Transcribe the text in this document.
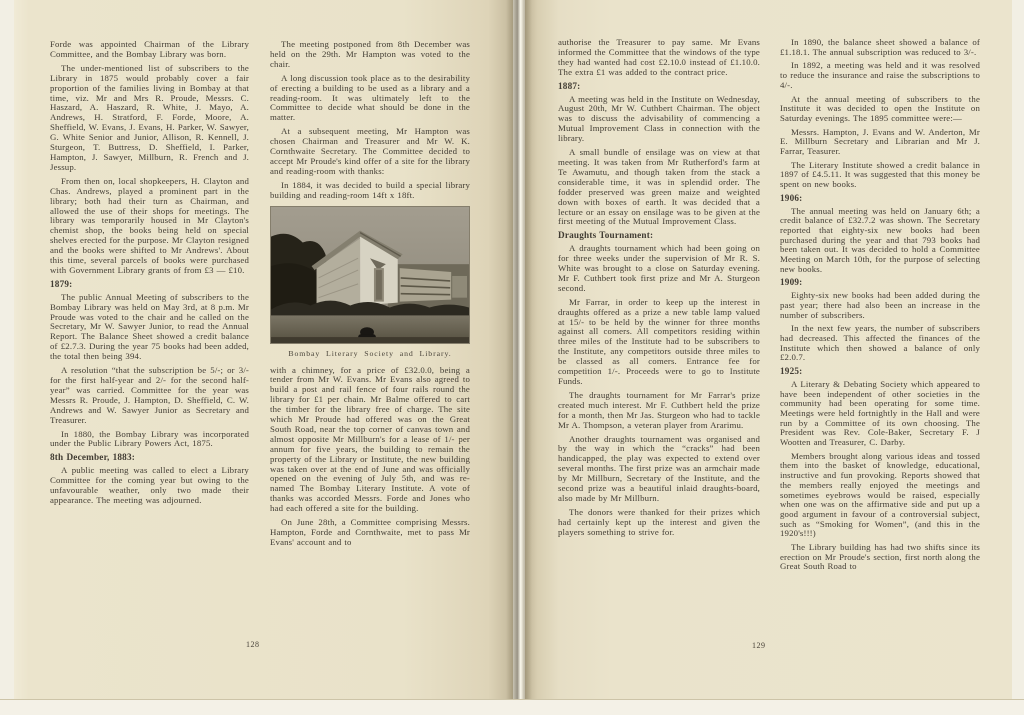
Forde was appointed Chairman of the Library Committee, and the Bombay Library was born.

The under-mentioned list of subscribers to the Library in 1875 would probably cover a fair proportion of the families living in Bombay at that time, viz. Mr and Mrs R. Proude, Messrs. C. Haszard, A. Haszard, R. White, J. Mayo, A. Andrews, H. Stratford, F. Forde, Moore, A. Sheffield, W. Evans, J. Evans, H. Parker, W. Sawyer, G. White Senior and Junior, Allison, R. Kennell, J. Sturgeon, T. Buttress, D. Sheffield, I. Parker, Hampton, J. Sawyer, Millburn, R. French and J. Jessup.

From then on, local shopkeepers, H. Clayton and Chas. Andrews, played a prominent part in the library; both had their turn as Chairman, and allowed the use of their shops for meetings. The library was temporarily housed in Mr Clayton's chemist shop, the books being held on special shelves erected for the purpose. Mr Clayton resigned and the books were shifted to Mr Andrews'. About this time, several parcels of books were purchased with Government Library grants of from £3 — £10.

1879:

The public Annual Meeting of subscribers to the Bombay Library was held on May 3rd, at 8 p.m. Mr Proude was voted to the chair and he called on the Secretary, Mr W. Sawyer Junior, to read the Annual Report. The Balance Sheet showed a credit balance of £2.7.3. During the year 75 books had been added, the total then being 394.

A resolution “that the subscription be 5/-; or 3/- for the first half-year and 2/- for the second half-year” was carried. Committee for the year was Messrs R. Proude, J. Hampton, D. Sheffield, C. W. Andrews and W. Sawyer Junior as Secretary and Treasurer.

In 1880, the Bombay Library was incorporated under the Public Library Powers Act, 1875.

8th December, 1883:

A public meeting was called to elect a Library Committee for the coming year but owing to the unfavourable weather, only two made their appearance. The meeting was adjourned.

The meeting postponed from 8th December was held on the 29th. Mr Hampton was voted to the chair.

A long discussion took place as to the desirability of erecting a building to be used as a library and a reading-room. It was ultimately left to the Committee to decide what should be done in the matter.

At a subsequent meeting, Mr Hampton was chosen Chairman and Treasurer and Mr W. K. Cornthwaite Secretary. The Committee decided to accept Mr Proude's kind offer of a site for the library and reading-room with thanks:

In 1884, it was decided to build a special library building and reading-room 14ft x 18ft.

Bombay Literary Society and Library.

with a chimney, for a price of £32.0.0, being a tender from Mr W. Evans. Mr Evans also agreed to build a post and rail fence of four rails round the library for £1 per chain. Mr Balme offered to cart the timber for the library free of charge. The site which Mr Proude had offered was on the Great South Road, near the top corner of canvas town and almost opposite Mr Millburn's for a lease of 1/- per annum for five years, the building to remain the property of the Library or Institute, the new building was taken over at the end of June and was officially opened on the evening of July 5th, and was re-named The Bombay Literary Institute. A vote of thanks was accorded Messrs. Forde and Jones who had each offered a site for the building.

On June 28th, a Committee comprising Messrs. Hampton, Forde and Cornthwaite, met to pass Mr Evans' account and to

authorise the Treasurer to pay same. Mr Evans informed the Committee that the windows of the type they had wanted had cost £2.10.0 instead of £1.10.0. The extra £1 was added to the contract price.

1887:

A meeting was held in the Institute on Wednesday, August 20th, Mr W. Cuthbert Chairman. The object was to discuss the advisability of commencing a Mutual Improvement Class in connection with the library.

A small bundle of ensilage was on view at that meeting. It was taken from Mr Rutherford's farm at Te Awamutu, and though taken from the stack a considerable time, it was in splendid order. The fodder preserved was green maize and weighted down with boxes of earth. It was decided that a lecture or an essay on ensilage was to be given at the first meeting of the Mutual Improvement Class.

Draughts Tournament:

A draughts tournament which had been going on for three weeks under the supervision of Mr R. S. White was brought to a close on Saturday evening. Mr F. Cuthbert took first prize and Mr A. Sturgeon second.

Mr Farrar, in order to keep up the interest in draughts offered as a prize a new table lamp valued at 15/- to be held by the winner for three months against all comers. All competitors residing within three miles of the Institute had to be subscribers to the Institute, any competitors outside three miles to be classed as all comers. Entrance fee for competition 1/-. Proceeds were to go to Institute Funds.

The draughts tournament for Mr Farrar's prize created much interest. Mr F. Cuthbert held the prize for a month, then Mr Jas. Sturgeon who had to tackle Mr A. Thompson, a veteran player from Ararimu.

Another draughts tournament was organised and by the way in which the “cracks” had been handicapped, the play was expected to extend over several months. The first prize was an armchair made by Mr Millburn, Secretary of the Institute, and the second prize was a beautiful inlaid draughts-board, also made by Mr Millburn.

The donors were thanked for their prizes which had certainly kept up the interest and given the players something to strive for.

In 1890, the balance sheet showed a balance of £1.18.1. The annual subscription was reduced to 3/-.

In 1892, a meeting was held and it was resolved to reduce the insurance and raise the subscriptions to 4/-.

At the annual meeting of subscribers to the Institute it was decided to open the Institute on Saturday evenings. The 1895 committee were:—

Messrs. Hampton, J. Evans and W. Anderton, Mr E. Millburn Secretary and Librarian and Mr J. Farrar, Teasurer.

The Literary Institute showed a credit balance in 1897 of £4.5.11. It was suggested that this money be spent on new books.

1906:

The annual meeting was held on January 6th; a credit balance of £32.7.2 was shown. The Secretary reported that eighty-six new books had been purchased during the year and that 793 books had been taken out. It was decided to hold a Committee Meeting on March 10th, for the purpose of selecting new books.

1909:

Eighty-six new books had been added during the past year; there had also been an increase in the number of subscribers.

In the next few years, the number of subscribers had decreased. This affected the finances of the Institute which then showed a balance of only £2.0.7.

1925:

A Literary & Debating Society which appeared to have been independent of other societies in the community had been operating for some time. Meetings were held fortnightly in the Hall and were run by a Committee of its own choosing. The President was Rev. Cole-Baker, Secretary F. J Wootten and Treasurer, C. Darby.

Members brought along various ideas and tossed them into the basket of knowledge, educational, instructive and fun provoking. Reports showed that the members really enjoyed the meetings and sometimes eyebrows would be raised, especially when one was on the affirmative side and put up a good argument in favour of a controversial subject, such as “Smoking for Women”, (and this in the 1920's!!!)

The Library building has had two shifts since its erection on Mr Proude's section, first north along the Great South Road to

128	129
